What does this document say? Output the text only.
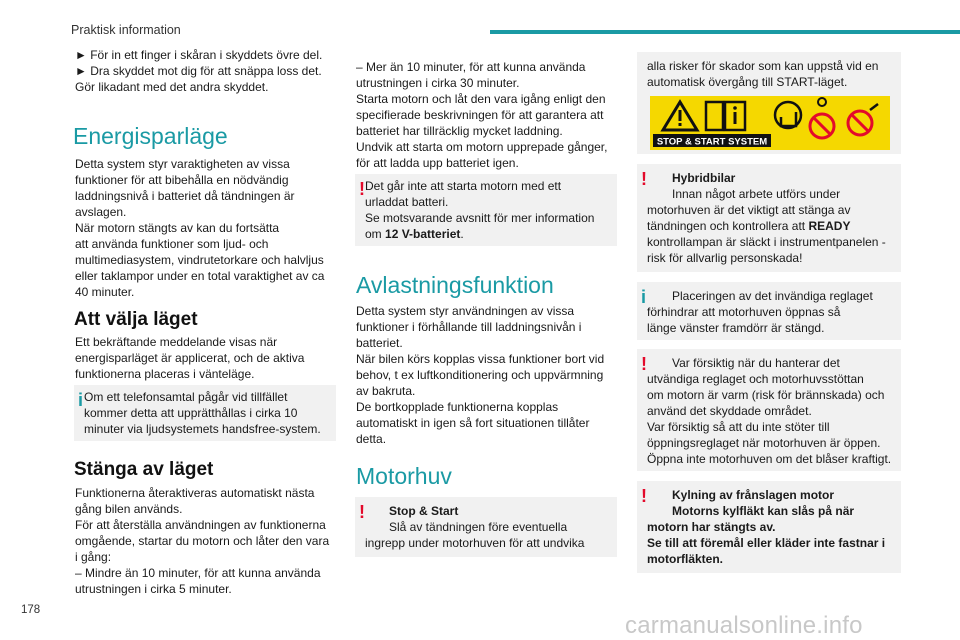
Praktisk information

► För in ett finger i skåran i skyddets övre del.
► Dra skyddet mot dig för att snäppa loss det.
Gör likadant med det andra skyddet.

Energisparläge

Detta system styr varaktigheten av vissa
funktioner för att bibehålla en nödvändig
laddningsnivå i batteriet då tändningen är
avslagen.
När motorn stängts av kan du fortsätta
att använda funktioner som ljud- och
multimediasystem, vindrutetorkare och halvljus
eller taklampor under en total varaktighet av ca
40 minuter.

Att välja läget

Ett bekräftande meddelande visas när
energisparläget är applicerat, och de aktiva
funktionerna placeras i vänteläge.

i Om ett telefonsamtal pågår vid tillfället
kommer detta att upprätthållas i cirka 10
minuter via ljudsystemets handsfree-system.
Stänga av läget

Funktionerna återaktiveras automatiskt nästa
gång bilen används.
För att återställa användningen av funktionerna
omgående, startar du motorn och låter den vara
i gång:
– Mindre än 10 minuter, för att kunna använda
utrustningen i cirka 5 minuter.

– Mer än 10 minuter, för att kunna använda
utrustningen i cirka 30 minuter.
Starta motorn och låt den vara igång enligt den
specifierade beskrivningen för att garantera att
batteriet har tillräcklig mycket laddning.
Undvik att starta om motorn upprepade gånger,
för att ladda upp batteriet igen.

! Det går inte att starta motorn med ett
urladdat batteri.
Se motsvarande avsnitt för mer information
om 12 V-batteriet.
Avlastningsfunktion

Detta system styr användningen av vissa
funktioner i förhållande till laddningsnivån i
batteriet.
När bilen körs kopplas vissa funktioner bort vid
behov, t ex luftkonditionering och uppvärmning
av bakruta.
De bortkopplade funktionerna kopplas
automatiskt in igen så fort situationen tillåter
detta.

Motorhuv
! Stop & Start
Slå av tändningen före eventuella
ingrepp under motorhuven för att undvika
alla risker för skador som kan uppstå vid en
automatisk övergång till START-läget.
STOP & START SYSTEM
! Hybridbilar
Innan något arbete utförs under
motorhuven är det viktigt att stänga av
tändningen och kontrollera att READY
kontrollampan är släckt i instrumentpanelen -
risk för allvarlig personskada!
i	Placeringen av det invändiga reglaget
förhindrar att motorhuven öppnas så
länge vänster framdörr är stängd.
!	Var försiktig när du hanterar det
utvändiga reglaget och motorhuvsstöttan
om motorn är varm (risk för brännskada) och
använd det skyddade området.
Var försiktig så att du inte stöter till
öppningsreglaget när motorhuven är öppen.
Öppna inte motorhuven om det blåser kraftigt.
! Kylning av frånslagen motor
Motorns kylfläkt kan slås på när
motorn har stängts av.
Se till att föremål eller kläder inte fastnar i
motorfläkten.
178
carmanualsonline.info
